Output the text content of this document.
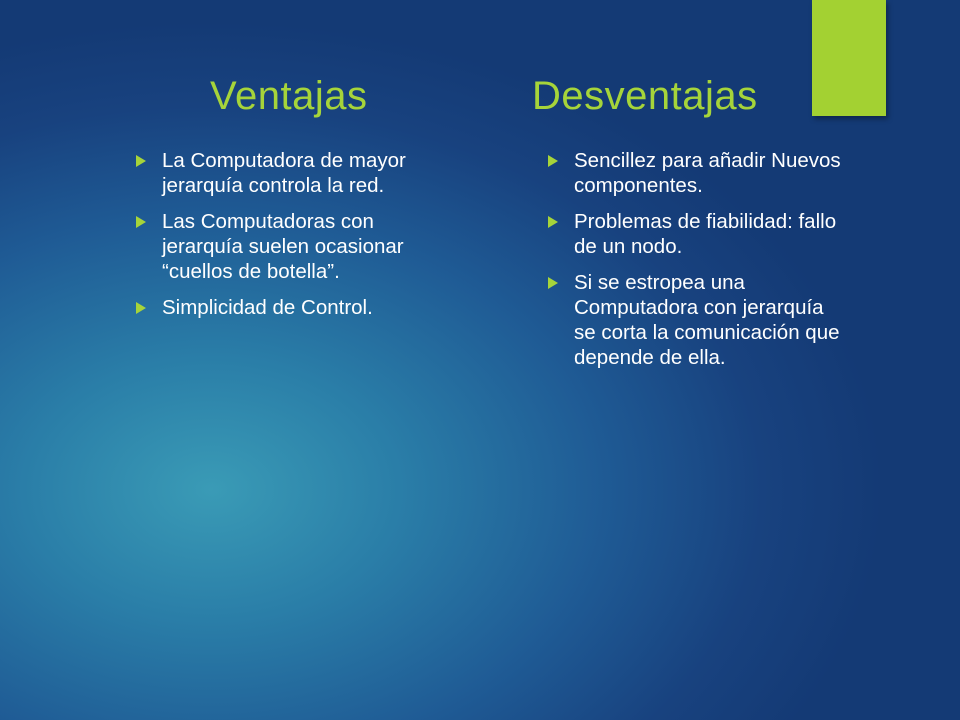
Ventajas	Desventajas
La Computadora de mayor jerarquía controla la red.
Las Computadoras con jerarquía suelen ocasionar “cuellos de botella”.
Simplicidad de Control.
Sencillez para añadir Nuevos componentes.
Problemas de fiabilidad: fallo de un nodo.
Si se estropea una Computadora con jerarquía se corta la comunicación que depende de ella.
